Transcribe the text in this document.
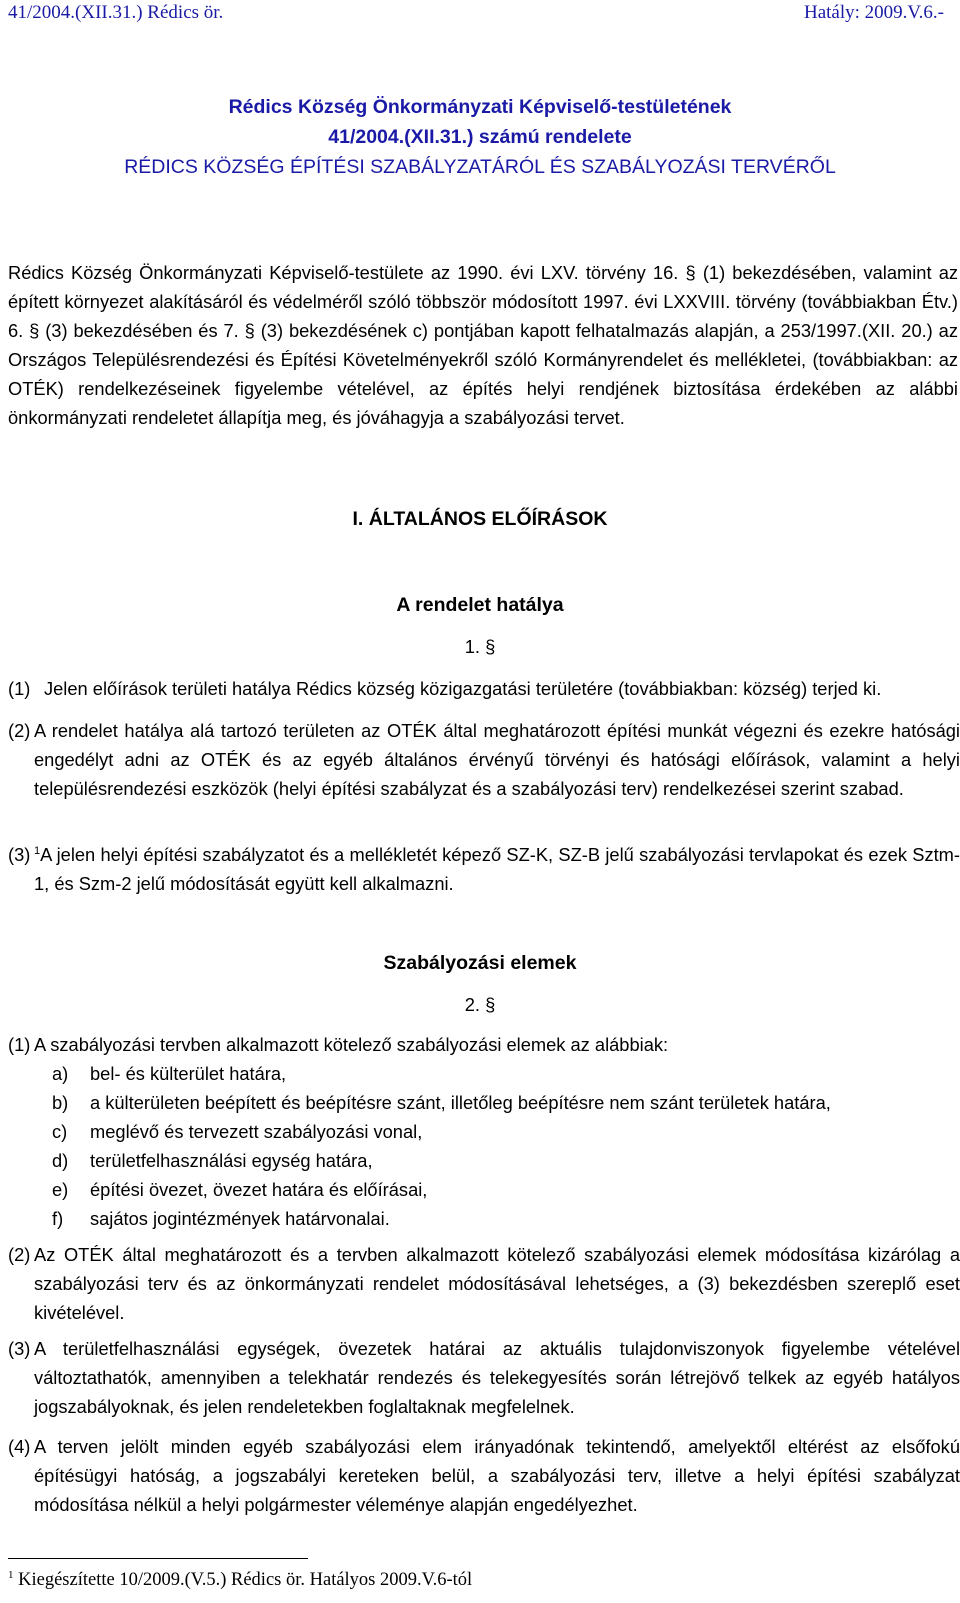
41/2004.(XII.31.) Rédics ör.	Hatály: 2009.V.6.-
Rédics Község Önkormányzati Képviselő-testületének
41/2004.(XII.31.) számú rendelete
RÉDICS KÖZSÉG ÉPÍTÉSI SZABÁLYZATÁRÓL ÉS SZABÁLYOZÁSI TERVÉRŐL
Rédics Község Önkormányzati Képviselő-testülete az 1990. évi LXV. törvény 16. § (1) bekezdésében, valamint az épített környezet alakításáról és védelméről szóló többször módosított 1997. évi LXXVIII. törvény (továbbiakban Étv.) 6. § (3) bekezdésében és 7. § (3) bekezdésének c) pontjában kapott felhatalmazás alapján, a 253/1997.(XII. 20.) az Országos Településrendezési és Építési Követelményekről szóló Kormányrendelet és mellékletei, (továbbiakban: az OTÉK) rendelkezéseinek figyelembe vételével, az építés helyi rendjének biztosítása érdekében az alábbi önkormányzati rendeletet állapítja meg, és jóváhagyja a szabályozási tervet.
I. ÁLTALÁNOS ELŐÍRÁSOK
A rendelet hatálya
1. §
(1) Jelen előírások területi hatálya Rédics község közigazgatási területére (továbbiakban: község) terjed ki.
(2) A rendelet hatálya alá tartozó területen az OTÉK által meghatározott építési munkát végezni és ezekre hatósági engedélyt adni az OTÉK és az egyéb általános érvényű törvényi és hatósági előírások, valamint a helyi településrendezési eszközök (helyi építési szabályzat és a szabályozási terv) rendelkezései szerint szabad.
(3) $^1$A jelen helyi építési szabályzatot és a mellékletét képező SZ-K, SZ-B jelű szabályozási tervlapokat és ezek Sztm-1, és Szm-2 jelű módosítását együtt kell alkalmazni.
Szabályozási elemek
2. §
(1) A szabályozási tervben alkalmazott kötelező szabályozási elemek az alábbiak:
a)	bel- és külterület határa,
b)	a külterületen beépített és beépítésre szánt, illetőleg beépítésre nem szánt területek határa,
c)	meglévő és tervezett szabályozási vonal,
d)	területfelhasználási egység határa,
e)	építési övezet, övezet határa és előírásai,
f)	sajátos jogintézmények határvonalai.
(2) Az OTÉK által meghatározott és a tervben alkalmazott kötelező szabályozási elemek módosítása kizárólag a szabályozási terv és az önkormányzati rendelet módosításával lehetséges, a (3) bekezdésben szereplő eset kivételével.
(3) A területfelhasználási egységek, övezetek határai az aktuális tulajdonviszonyok figyelembe vételével változtathatók, amennyiben a telekhatár rendezés és telekegyesítés során létrejövő telkek az egyéb hatályos jogszabályoknak, és jelen rendeletekben foglaltaknak megfelelnek.
(4) A terven jelölt minden egyéb szabályozási elem irányadónak tekintendő, amelyektől eltérést az elsőfokú építésügyi hatóság, a jogszabályi kereteken belül, a szabályozási terv, illetve a helyi építési szabályzat módosítása nélkül a helyi polgármester véleménye alapján engedélyezhet.
$^1$ Kiegészítette 10/2009.(V.5.) Rédics ör. Hatályos 2009.V.6-tól
